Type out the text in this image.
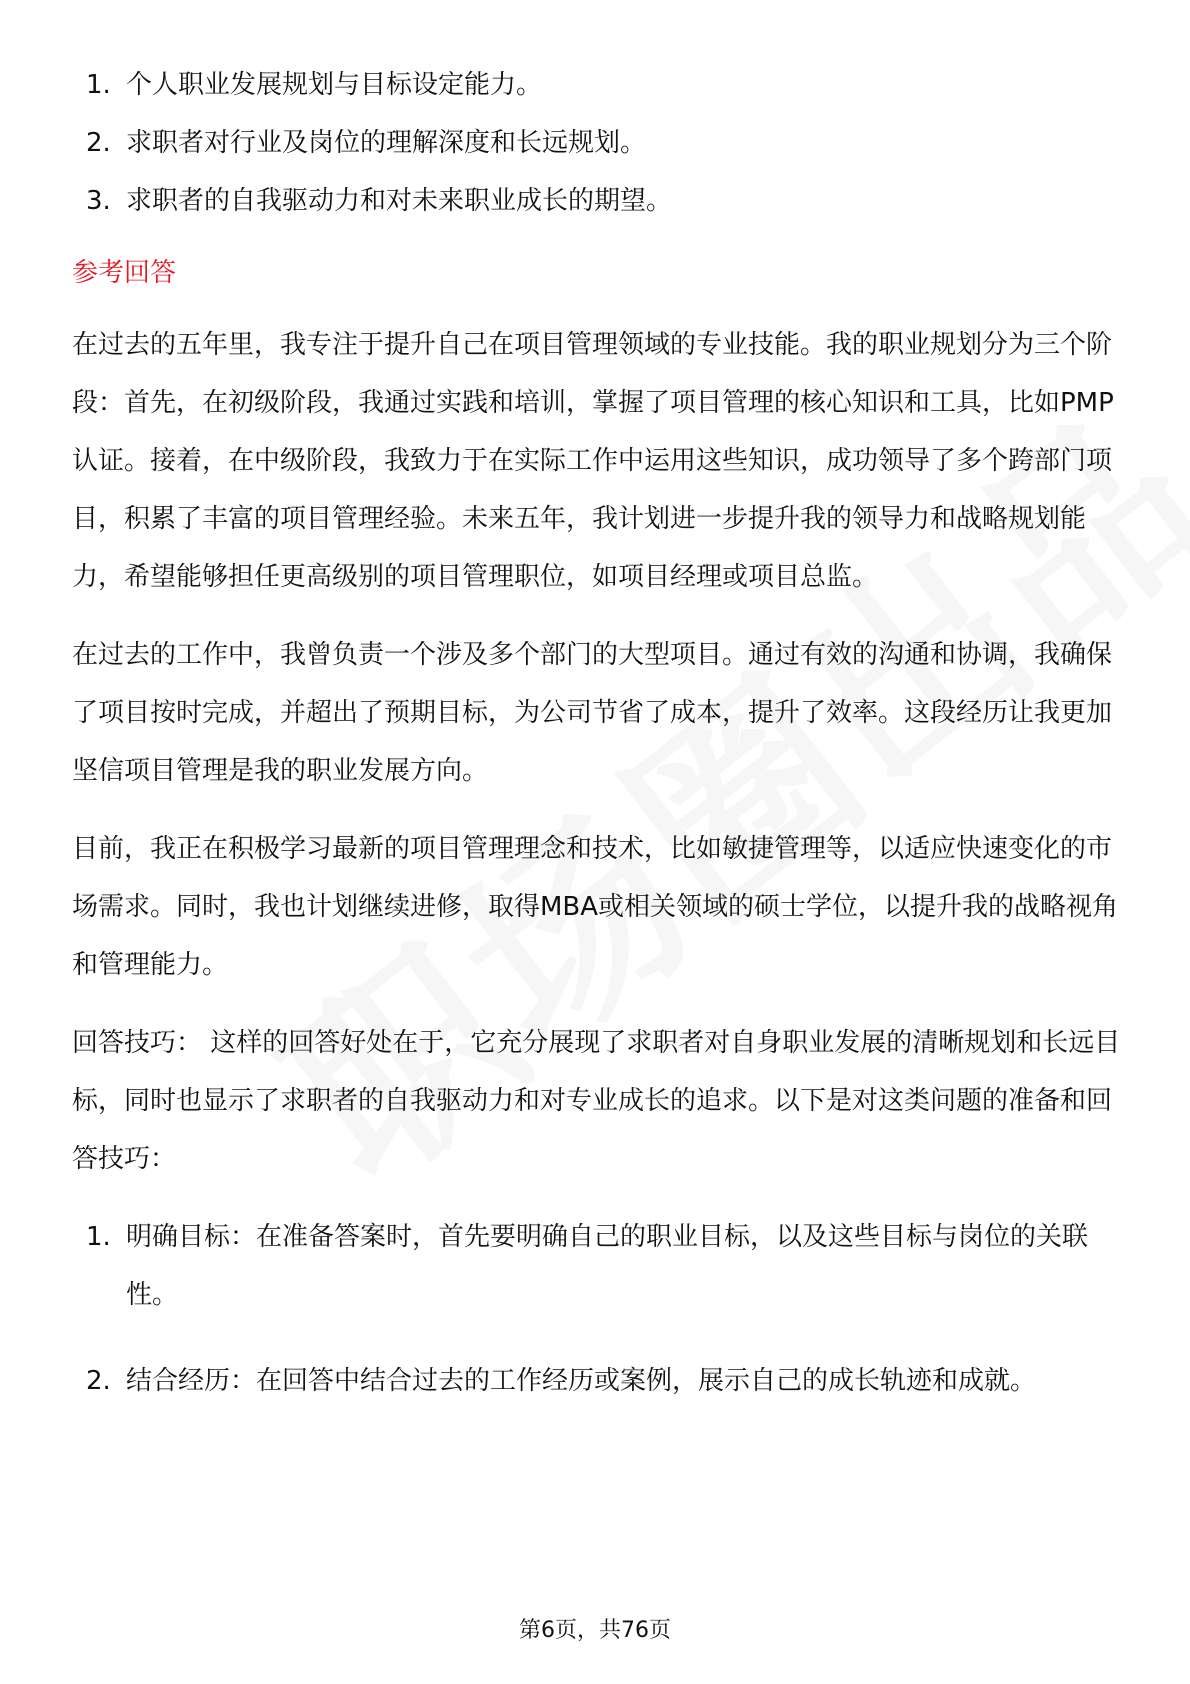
1. 个人职业发展规划与目标设定能力。
2. 求职者对行业及岗位的理解深度和长远规划。
3. 求职者的自我驱动力和对未来职业成长的期望。
参考回答

在过去的五年里，我专注于提升自己在项目管理领域的专业技能。我的职业规划分为三个阶段：首先，在初级阶段，我通过实践和培训，掌握了项目管理的核心知识和工具，比如PMP认证。接着，在中级阶段，我致力于在实际工作中运用这些知识，成功领导了多个跨部门项目，积累了丰富的项目管理经验。未来五年，我计划进一步提升我的领导力和战略规划能力，希望能够担任更高级别的项目管理职位，如项目经理或项目总监。

在过去的工作中，我曾负责一个涉及多个部门的大型项目。通过有效的沟通和协调，我确保了项目按时完成，并超出了预期目标，为公司节省了成本，提升了效率。这段经历让我更加坚信项目管理是我的职业发展方向。

目前，我正在积极学习最新的项目管理理念和技术，比如敏捷管理等，以适应快速变化的市场需求。同时，我也计划继续进修，取得MBA或相关领域的硕士学位，以提升我的战略视角和管理能力。

回答技巧： 这样的回答好处在于，它充分展现了求职者对自身职业发展的清晰规划和长远目标，同时也显示了求职者的自我驱动力和对专业成长的追求。以下是对这类问题的准备和回答技巧：

1. 明确目标：在准备答案时，首先要明确自己的职业目标，以及这些目标与岗位的关联性。
2. 结合经历：在回答中结合过去的工作经历或案例，展示自己的成长轨迹和成就。
第6页，共76页
